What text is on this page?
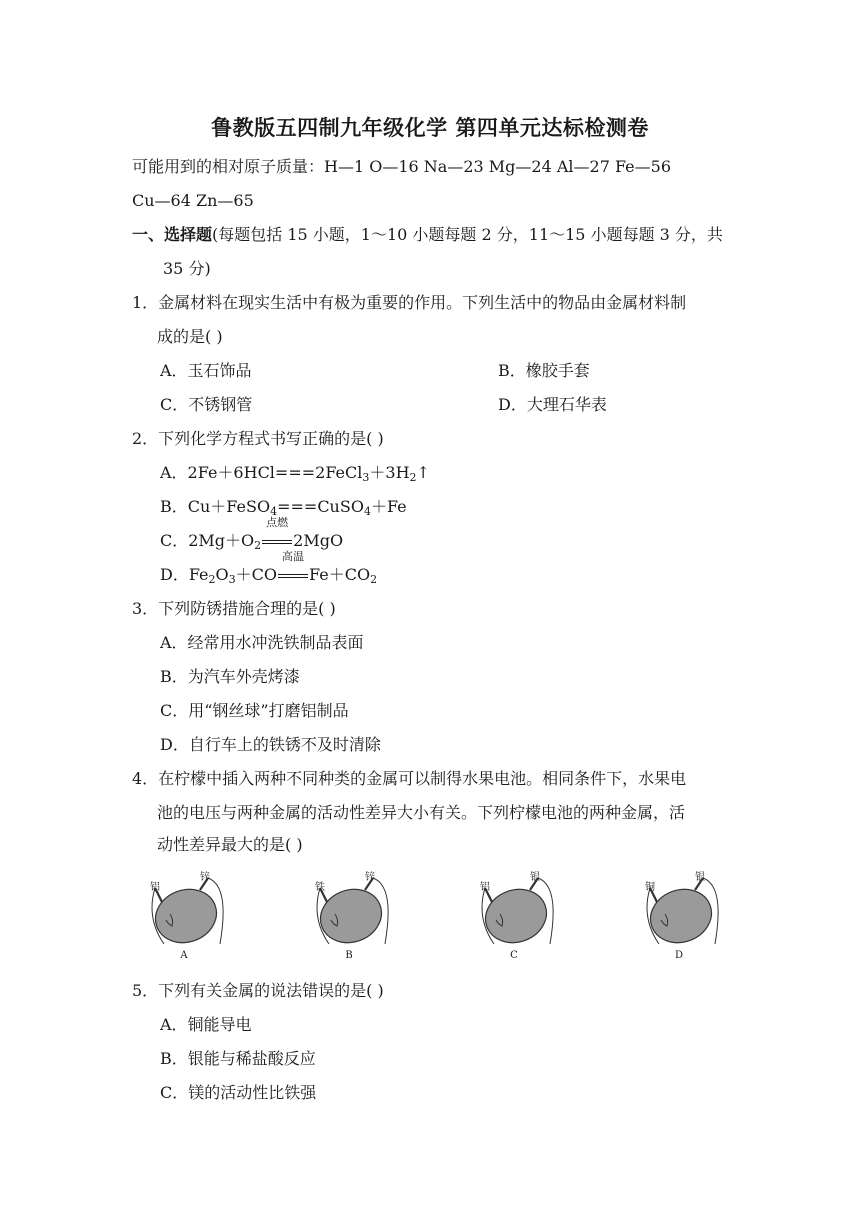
鲁教版五四制九年级化学 第四单元达标检测卷
可能用到的相对原子质量：H—1 O—16 Na—23 Mg—24 Al—27 Fe—56
Cu—64 Zn—65
一、选择题(每题包括 15 小题，1～10 小题每题 2 分，11～15 小题每题 3 分，共
35 分)
1．金属材料在现实生活中有极为重要的作用。下列生活中的物品由金属材料制
成的是( )
A．玉石饰品	B．橡胶手套
C．不锈钢管	D．大理石华表
2．下列化学方程式书写正确的是( )
A．$2Fe+6HCl===2FeCl_3+3H_2↑$
B．Cu＋FeSO$_4$===CuSO$_4$＋Fe
C．$2Mg+O_2$
点燃
2MgO
D．$Fe_2O_3+CO$
高温
$Fe+CO_2$
3．下列防锈措施合理的是( )
A．经常用水冲洗铁制品表面
B．为汽车外壳烤漆
C．用“钢丝球”打磨铝制品
D．自行车上的铁锈不及时清除
4．在柠檬中插入两种不同种类的金属可以制得水果电池。相同条件下，水果电
池的电压与两种金属的活动性差异大小有关。下列柠檬电池的两种金属，活
动性差异最大的是( )
铝
锌
A
铁
锌
B
铝
银
C
铜
银
D
5．下列有关金属的说法错误的是( )
A．铜能导电
B．银能与稀盐酸反应
C．镁的活动性比铁强
